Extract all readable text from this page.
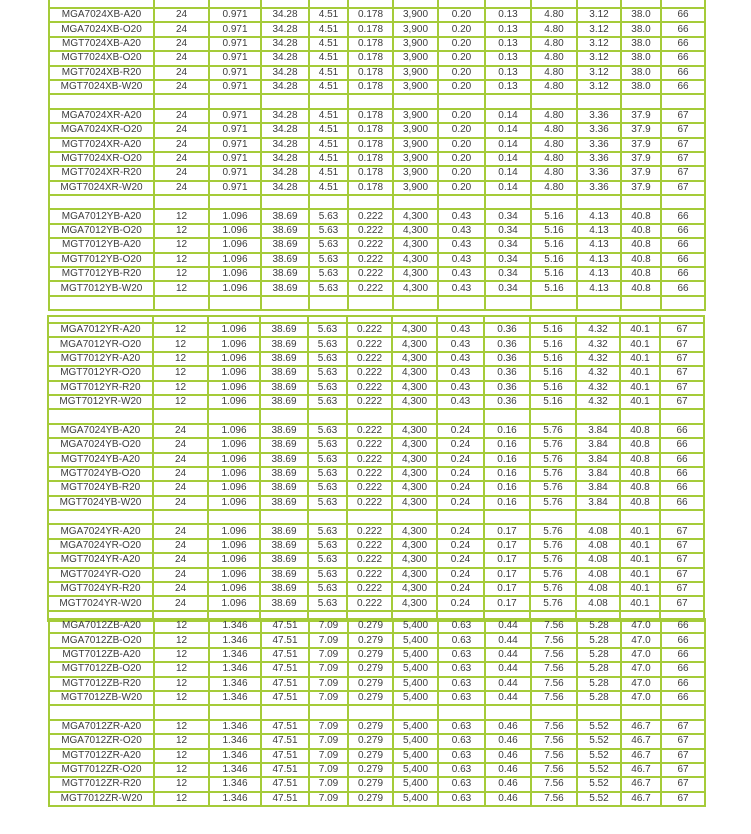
MGA7024XB-A20	24	0.971	34.28	4.51	0.178	3,900	0.20	0.13	4.80	3.12	38.0	66
MGA7024XB-O20	24	0.971	34.28	4.51	0.178	3,900	0.20	0.13	4.80	3.12	38.0	66
MGT7024XB-A20	24	0.971	34.28	4.51	0.178	3,900	0.20	0.13	4.80	3.12	38.0	66
MGT7024XB-O20	24	0.971	34.28	4.51	0.178	3,900	0.20	0.13	4.80	3.12	38.0	66
MGT7024XB-R20	24	0.971	34.28	4.51	0.178	3,900	0.20	0.13	4.80	3.12	38.0	66
MGT7024XB-W20	24	0.971	34.28	4.51	0.178	3,900	0.20	0.13	4.80	3.12	38.0	66

MGA7024XR-A20	24	0.971	34.28	4.51	0.178	3,900	0.20	0.14	4.80	3.36	37.9	67
MGA7024XR-O20	24	0.971	34.28	4.51	0.178	3,900	0.20	0.14	4.80	3.36	37.9	67
MGT7024XR-A20	24	0.971	34.28	4.51	0.178	3,900	0.20	0.14	4.80	3.36	37.9	67
MGT7024XR-O20	24	0.971	34.28	4.51	0.178	3,900	0.20	0.14	4.80	3.36	37.9	67
MGT7024XR-R20	24	0.971	34.28	4.51	0.178	3,900	0.20	0.14	4.80	3.36	37.9	67
MGT7024XR-W20	24	0.971	34.28	4.51	0.178	3,900	0.20	0.14	4.80	3.36	37.9	67

MGA7012YB-A20	12	1.096	38.69	5.63	0.222	4,300	0.43	0.34	5.16	4.13	40.8	66
MGA7012YB-O20	12	1.096	38.69	5.63	0.222	4,300	0.43	0.34	5.16	4.13	40.8	66
MGT7012YB-A20	12	1.096	38.69	5.63	0.222	4,300	0.43	0.34	5.16	4.13	40.8	66
MGT7012YB-O20	12	1.096	38.69	5.63	0.222	4,300	0.43	0.34	5.16	4.13	40.8	66
MGT7012YB-R20	12	1.096	38.69	5.63	0.222	4,300	0.43	0.34	5.16	4.13	40.8	66
MGT7012YB-W20	12	1.096	38.69	5.63	0.222	4,300	0.43	0.34	5.16	4.13	40.8	66

MGA7012YR-A20	12	1.096	38.69	5.63	0.222	4,300	0.43	0.36	5.16	4.32	40.1	67
MGA7012YR-O20	12	1.096	38.69	5.63	0.222	4,300	0.43	0.36	5.16	4.32	40.1	67
MGT7012YR-A20	12	1.096	38.69	5.63	0.222	4,300	0.43	0.36	5.16	4.32	40.1	67
MGT7012YR-O20	12	1.096	38.69	5.63	0.222	4,300	0.43	0.36	5.16	4.32	40.1	67
MGT7012YR-R20	12	1.096	38.69	5.63	0.222	4,300	0.43	0.36	5.16	4.32	40.1	67
MGT7012YR-W20	12	1.096	38.69	5.63	0.222	4,300	0.43	0.36	5.16	4.32	40.1	67

MGA7024YB-A20	24	1.096	38.69	5.63	0.222	4,300	0.24	0.16	5.76	3.84	40.8	66
MGA7024YB-O20	24	1.096	38.69	5.63	0.222	4,300	0.24	0.16	5.76	3.84	40.8	66
MGT7024YB-A20	24	1.096	38.69	5.63	0.222	4,300	0.24	0.16	5.76	3.84	40.8	66
MGT7024YB-O20	24	1.096	38.69	5.63	0.222	4,300	0.24	0.16	5.76	3.84	40.8	66
MGT7024YB-R20	24	1.096	38.69	5.63	0.222	4,300	0.24	0.16	5.76	3.84	40.8	66
MGT7024YB-W20	24	1.096	38.69	5.63	0.222	4,300	0.24	0.16	5.76	3.84	40.8	66

MGA7024YR-A20	24	1.096	38.69	5.63	0.222	4,300	0.24	0.17	5.76	4.08	40.1	67
MGA7024YR-O20	24	1.096	38.69	5.63	0.222	4,300	0.24	0.17	5.76	4.08	40.1	67
MGT7024YR-A20	24	1.096	38.69	5.63	0.222	4,300	0.24	0.17	5.76	4.08	40.1	67
MGT7024YR-O20	24	1.096	38.69	5.63	0.222	4,300	0.24	0.17	5.76	4.08	40.1	67
MGT7024YR-R20	24	1.096	38.69	5.63	0.222	4,300	0.24	0.17	5.76	4.08	40.1	67
MGT7024YR-W20	24	1.096	38.69	5.63	0.222	4,300	0.24	0.17	5.76	4.08	40.1	67

MGA7012ZB-A20	12	1.346	47.51	7.09	0.279	5,400	0.63	0.44	7.56	5.28	47.0	66
MGA7012ZB-O20	12	1.346	47.51	7.09	0.279	5,400	0.63	0.44	7.56	5.28	47.0	66
MGT7012ZB-A20	12	1.346	47.51	7.09	0.279	5,400	0.63	0.44	7.56	5.28	47.0	66
MGT7012ZB-O20	12	1.346	47.51	7.09	0.279	5,400	0.63	0.44	7.56	5.28	47.0	66
MGT7012ZB-R20	12	1.346	47.51	7.09	0.279	5,400	0.63	0.44	7.56	5.28	47.0	66
MGT7012ZB-W20	12	1.346	47.51	7.09	0.279	5,400	0.63	0.44	7.56	5.28	47.0	66

MGA7012ZR-A20	12	1.346	47.51	7.09	0.279	5,400	0.63	0.46	7.56	5.52	46.7	67
MGA7012ZR-O20	12	1.346	47.51	7.09	0.279	5,400	0.63	0.46	7.56	5.52	46.7	67
MGT7012ZR-A20	12	1.346	47.51	7.09	0.279	5,400	0.63	0.46	7.56	5.52	46.7	67
MGT7012ZR-O20	12	1.346	47.51	7.09	0.279	5,400	0.63	0.46	7.56	5.52	46.7	67
MGT7012ZR-R20	12	1.346	47.51	7.09	0.279	5,400	0.63	0.46	7.56	5.52	46.7	67
MGT7012ZR-W20	12	1.346	47.51	7.09	0.279	5,400	0.63	0.46	7.56	5.52	46.7	67
